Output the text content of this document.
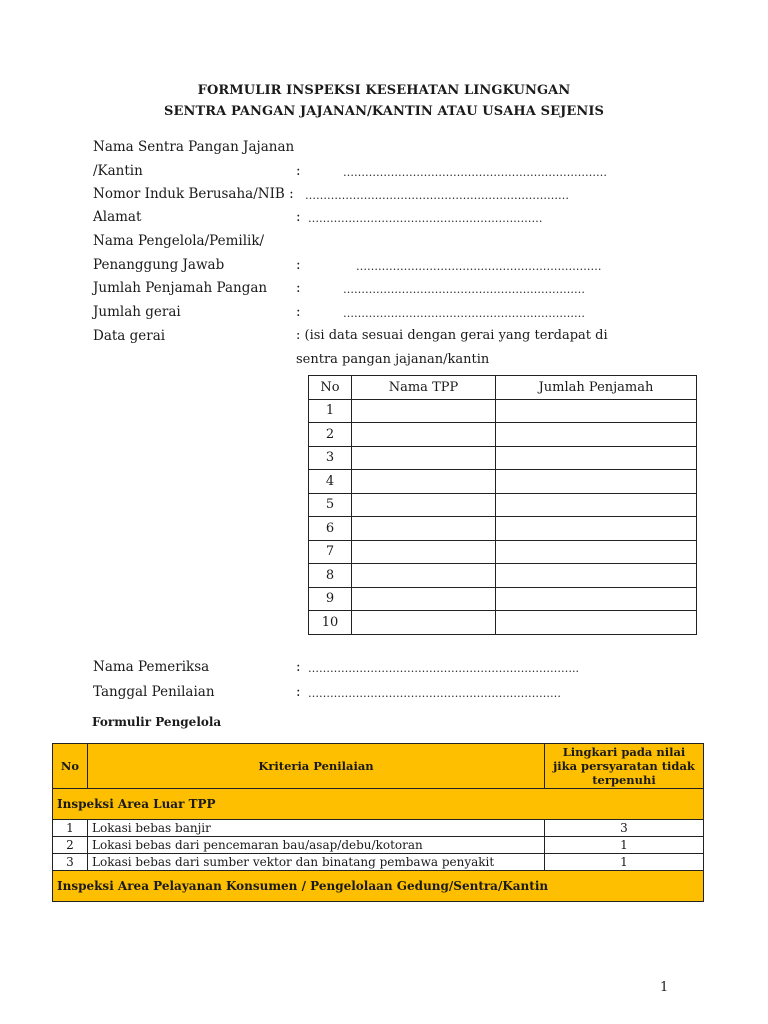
FORMULIR INSPEKSI KESEHATAN LINGKUNGAN
SENTRA PANGAN JAJANAN/KANTIN ATAU USAHA SEJENIS
Nama Sentra Pangan Jajanan
/Kantin	:	………………………………………………………………
Nomor Induk Berusaha/NIB : ………………………………………………………………
Alamat	: ………………………………….……………………
Nama Pengelola/Pemilik/
Penanggung Jawab	:	…………………………….……………………………
Jumlah Penjamah Pangan :	…………………………………………………………
Jumlah gerai	:	…………………………………………………………
Data gerai	: (isi data sesuai dengan gerai yang terdapat di
sentra pangan jajanan/kantin
No	Nama TPP	Jumlah Penjamah
1		
2		
3		
4		
5		
6		
7		
8		
9		
10		
Nama Pemeriksa	: ………………………………………………………………..
Tanggal Penilaian	: ……………………………………………………………
Formulir Pengelola
No	Kriteria Penilaian	Lingkari pada nilai jika persyaratan tidak terpenuhi
Inspeksi Area Luar TPP		
1	Lokasi bebas banjir	3
2	Lokasi bebas dari pencemaran bau/asap/debu/kotoran	1
3	Lokasi bebas dari sumber vektor dan binatang pembawa penyakit	1
Inspeksi Area Pelayanan Konsumen / Pengelolaan Gedung/Sentra/Kantin		
1
